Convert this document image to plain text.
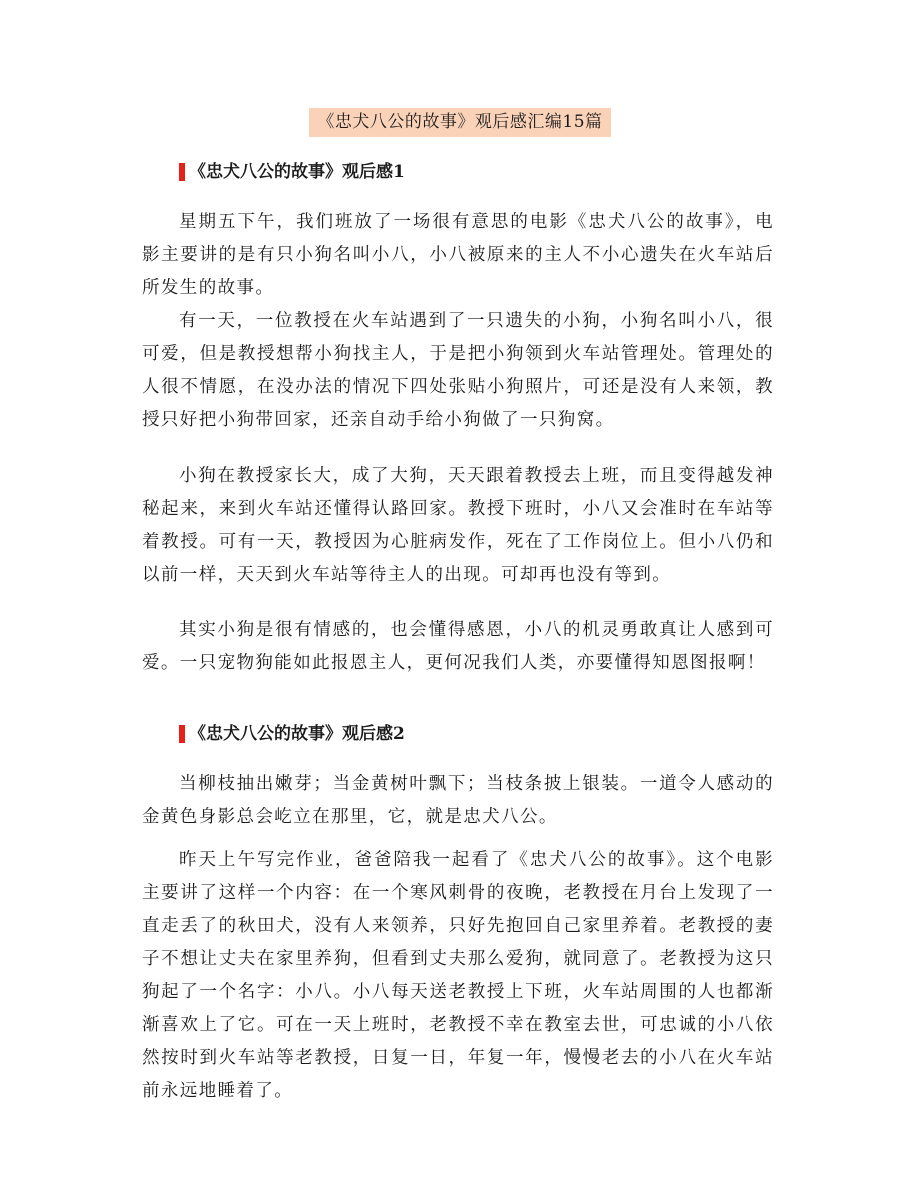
《忠犬八公的故事》观后感汇编15篇
《忠犬八公的故事》观后感1

星期五下午，我们班放了一场很有意思的电影《忠犬八公的故事》，电影主要讲的是有只小狗名叫小八，小八被原来的主人不小心遗失在火车站后所发生的故事。

有一天，一位教授在火车站遇到了一只遗失的小狗，小狗名叫小八，很可爱，但是教授想帮小狗找主人，于是把小狗领到火车站管理处。管理处的人很不情愿，在没办法的情况下四处张贴小狗照片，可还是没有人来领，教授只好把小狗带回家，还亲自动手给小狗做了一只狗窝。

小狗在教授家长大，成了大狗，天天跟着教授去上班，而且变得越发神秘起来，来到火车站还懂得认路回家。教授下班时，小八又会准时在车站等着教授。可有一天，教授因为心脏病发作，死在了工作岗位上。但小八仍和以前一样，天天到火车站等待主人的出现。可却再也没有等到。

其实小狗是很有情感的，也会懂得感恩，小八的机灵勇敢真让人感到可爱。一只宠物狗能如此报恩主人，更何况我们人类，亦要懂得知恩图报啊！

《忠犬八公的故事》观后感2

当柳枝抽出嫩芽；当金黄树叶飘下；当枝条披上银装。一道令人感动的金黄色身影总会屹立在那里，它，就是忠犬八公。

昨天上午写完作业，爸爸陪我一起看了《忠犬八公的故事》。这个电影主要讲了这样一个内容：在一个寒风刺骨的夜晚，老教授在月台上发现了一直走丢了的秋田犬，没有人来领养，只好先抱回自己家里养着。老教授的妻子不想让丈夫在家里养狗，但看到丈夫那么爱狗，就同意了。老教授为这只狗起了一个名字：小八。小八每天送老教授上下班，火车站周围的人也都渐渐喜欢上了它。可在一天上班时，老教授不幸在教室去世，可忠诚的小八依然按时到火车站等老教授，日复一日，年复一年，慢慢老去的小八在火车站前永远地睡着了。
